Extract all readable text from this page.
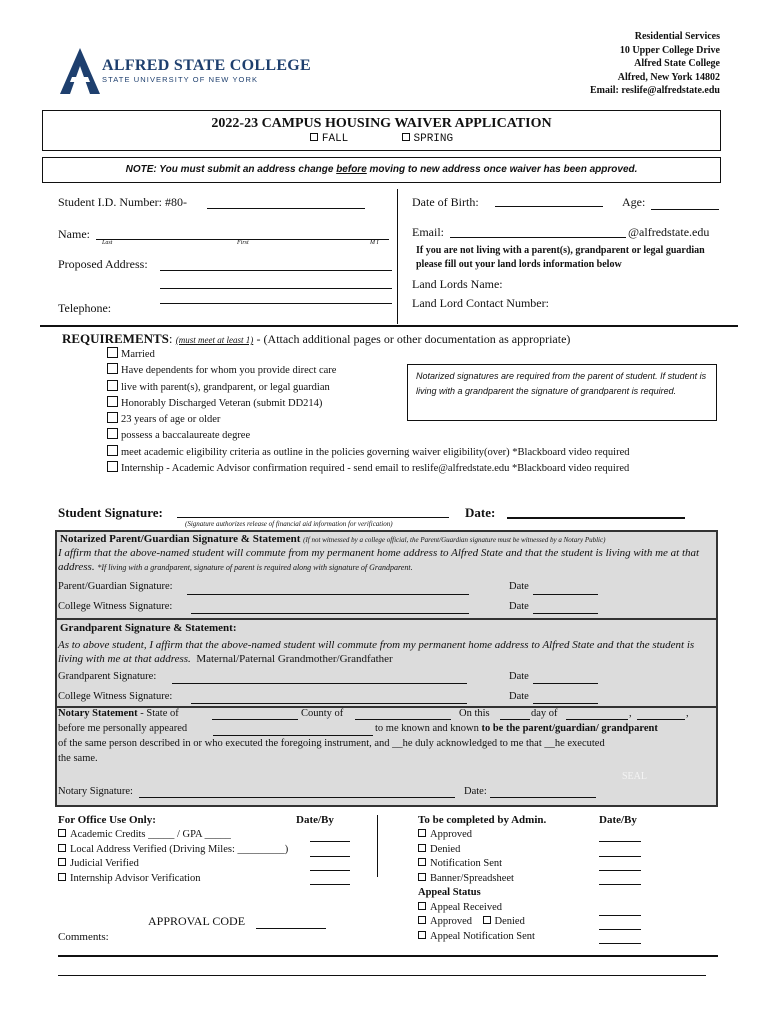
ALFRED STATE COLLEGE
STATE UNIVERSITY OF NEW YORK
Residential Services
10 Upper College Drive
Alfred State College
Alfred, New York 14802
Email: reslife@alfredstate.edu
2022-23 CAMPUS HOUSING WAIVER APPLICATION
FALL	SPRING
NOTE: You must submit an address change before moving to new address once waiver has been approved.
Student I.D. Number: #80-
Name:
Last	First	M I
Proposed Address:
Telephone:
Date of Birth:	Age:
Email:	@alfredstate.edu
If you are not living with a parent(s), grandparent or legal guardian please fill out your land lords information below
Land Lords Name:
Land Lord Contact Number:
REQUIREMENTS: (must meet at least 1) - (Attach additional pages or other documentation as appropriate)
Married
Have dependents for whom you provide direct care
live with parent(s), grandparent, or legal guardian
Honorably Discharged Veteran (submit DD214)
23 years of age or older
possess a baccalaureate degree
meet academic eligibility criteria as outline in the policies governing waiver eligibility(over) *Blackboard video required
Internship - Academic Advisor confirmation required - send email to reslife@alfredstate.edu *Blackboard video required
Notarized signatures are required from the parent of student. If student is living with a grandparent the signature of grandparent is required.
Student Signature:	Date:
(Signature authorizes release of financial aid information for verification)
Notarized Parent/Guardian Signature & Statement (If not witnessed by a college official, the Parent/Guardian signature must be witnessed by a Notary Public)
I affirm that the above-named student will commute from my permanent home address to Alfred State and that the student is living with me at that address. *If living with a grandparent, signature of parent is required along with signature of Grandparent.
Parent/Guardian Signature:	Date
College Witness Signature:	Date
Grandparent Signature & Statement:
As to above student, I affirm that the above-named student will commute from my permanent home address to Alfred State and that the student is living with me at that address. Maternal/Paternal Grandmother/Grandfather
Grandparent Signature:	Date
College Witness Signature:	Date
Notary Statement - State of	County of	On this	day of	,	,
before me personally appeared	to me known and known to be the parent/guardian/ grandparent
of the same person described in or who executed the foregoing instrument, and __he duly acknowledged to me that __he executed
the same.
SEAL
Notary Signature:	Date:
For Office Use Only:	Date/By
Academic Credits _____ / GPA _____
Local Address Verified (Driving Miles: _________)
Judicial Verified
Internship Advisor Verification
APPROVAL CODE
Comments:
To be completed by Admin.	Date/By
Approved
Denied
Notification Sent
Banner/Spreadsheet
Appeal Status
Appeal Received
Approved Denied
Appeal Notification Sent
